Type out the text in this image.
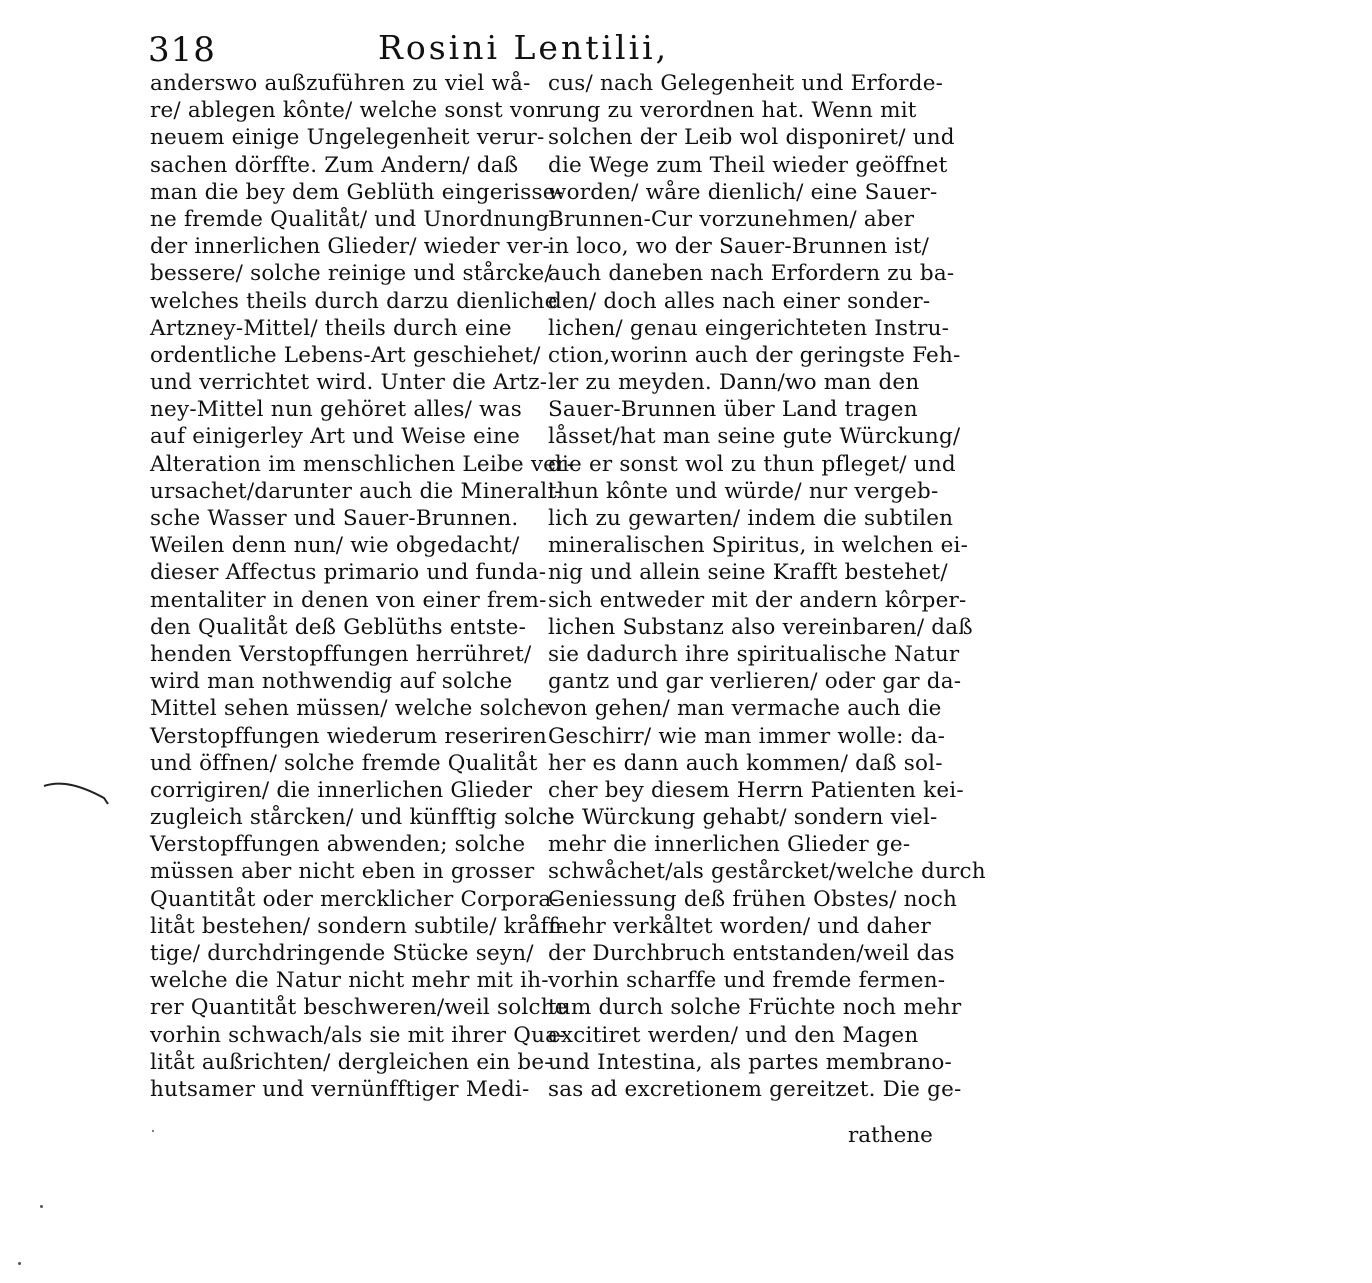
318	Rosini Lentilii,
anderswo außzuführen zu viel wå-
re/ ablegen kônte/ welche sonst von
neuem einige Ungelegenheit verur-
sachen dörffte. Zum Andern/ daß
man die bey dem Geblüth eingerisse-
ne fremde Qualitåt/ und Unordnung
der innerlichen Glieder/ wieder ver-
bessere/ solche reinige und stårcke/
welches theils durch darzu dienliche
Artzney-Mittel/ theils durch eine
ordentliche Lebens-Art geschiehet/
und verrichtet wird. Unter die Artz-
ney-Mittel nun gehöret alles/ was
auf einigerley Art und Weise eine
Alteration im menschlichen Leibe ver-
ursachet/darunter auch die Minerali-
sche Wasser und Sauer-Brunnen.
Weilen denn nun/ wie obgedacht/
dieser Affectus primario und funda-
mentaliter in denen von einer frem-
den Qualitåt deß Geblüths entste-
henden Verstopffungen herrühret/
wird man nothwendig auf solche
Mittel sehen müssen/ welche solche
Verstopffungen wiederum reseriren
und öffnen/ solche fremde Qualitåt
corrigiren/ die innerlichen Glieder
zugleich stårcken/ und künfftig solche
Verstopffungen abwenden; solche
müssen aber nicht eben in grosser
Quantitåt oder mercklicher Corpora-
litåt bestehen/ sondern subtile/ kråff-
tige/ durchdringende Stücke seyn/
welche die Natur nicht mehr mit ih-
rer Quantitåt beschweren/weil solche
vorhin schwach/als sie mit ihrer Qua-
litåt außrichten/ dergleichen ein be-
hutsamer und vernünfftiger Medi-
cus/ nach Gelegenheit und Erforde-
rung zu verordnen hat. Wenn mit
solchen der Leib wol disponiret/ und
die Wege zum Theil wieder geöffnet
worden/ wåre dienlich/ eine Sauer-
Brunnen-Cur vorzunehmen/ aber
in loco, wo der Sauer-Brunnen ist/
auch daneben nach Erfordern zu ba-
den/ doch alles nach einer sonder-
lichen/ genau eingerichteten Instru-
ction,worinn auch der geringste Feh-
ler zu meyden. Dann/wo man den
Sauer-Brunnen über Land tragen
låsset/hat man seine gute Würckung/
die er sonst wol zu thun pfleget/ und
thun kônte und würde/ nur vergeb-
lich zu gewarten/ indem die subtilen
mineralischen Spiritus, in welchen ei-
nig und allein seine Krafft bestehet/
sich entweder mit der andern kôrper-
lichen Substanz also vereinbaren/ daß
sie dadurch ihre spiritualische Natur
gantz und gar verlieren/ oder gar da-
von gehen/ man vermache auch die
Geschirr/ wie man immer wolle: da-
her es dann auch kommen/ daß sol-
cher bey diesem Herrn Patienten kei-
ne Würckung gehabt/ sondern viel-
mehr die innerlichen Glieder ge-
schwåchet/als gestårcket/welche durch
Geniessung deß frühen Obstes/ noch
mehr verkåltet worden/ und daher
der Durchbruch entstanden/weil das
vorhin scharffe und fremde fermen-
tum durch solche Früchte noch mehr
excitiret werden/ und den Magen
und Intestina, als partes membrano-
sas ad excretionem gereitzet. Die ge-
rathene
